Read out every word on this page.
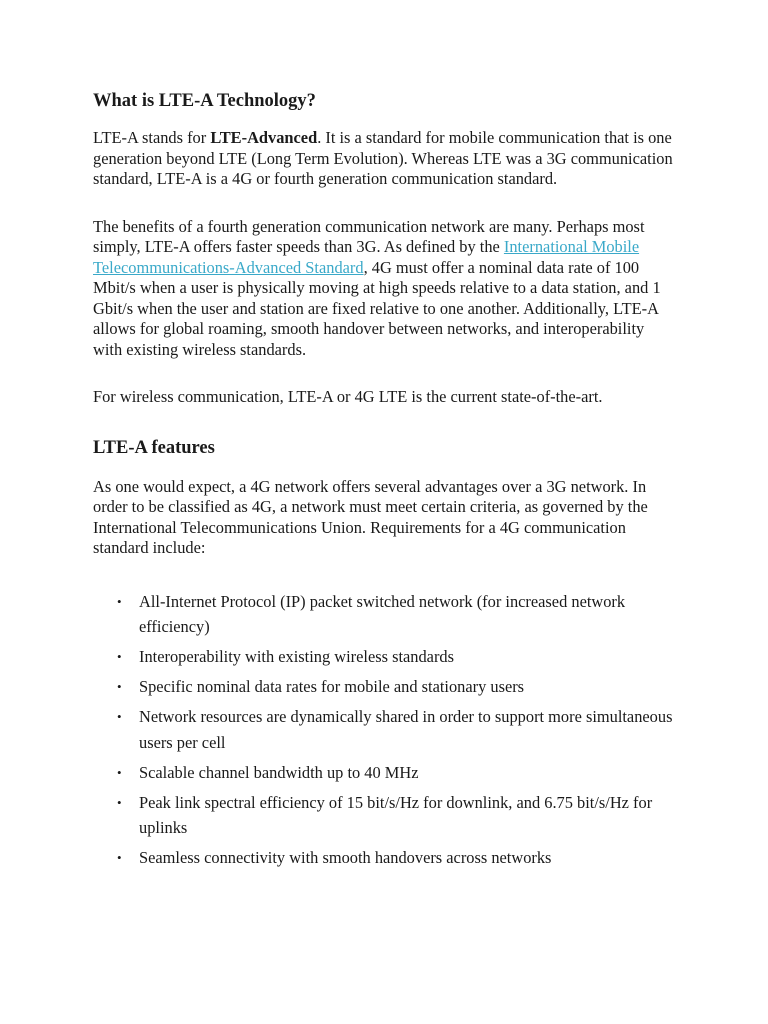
What is LTE-A Technology?

LTE-A stands for LTE-Advanced. It is a standard for mobile communication that is one generation beyond LTE (Long Term Evolution). Whereas LTE was a 3G communication standard, LTE-A is a 4G or fourth generation communication standard.

The benefits of a fourth generation communication network are many. Perhaps most simply, LTE-A offers faster speeds than 3G. As defined by the International Mobile Telecommunications-Advanced Standard, 4G must offer a nominal data rate of 100 Mbit/s when a user is physically moving at high speeds relative to a data station, and 1 Gbit/s when the user and station are fixed relative to one another. Additionally, LTE-A allows for global roaming, smooth handover between networks, and interoperability with existing wireless standards.

For wireless communication, LTE-A or 4G LTE is the current state-of-the-art.

LTE-A features

As one would expect, a 4G network offers several advantages over a 3G network. In order to be classified as 4G, a network must meet certain criteria, as governed by the International Telecommunications Union. Requirements for a 4G communication standard include:

• All-Internet Protocol (IP) packet switched network (for increased network efficiency)
• Interoperability with existing wireless standards
• Specific nominal data rates for mobile and stationary users
• Network resources are dynamically shared in order to support more simultaneous users per cell
• Scalable channel bandwidth up to 40 MHz
• Peak link spectral efficiency of 15 bit/s/Hz for downlink, and 6.75 bit/s/Hz for uplinks
• Seamless connectivity with smooth handovers across networks
